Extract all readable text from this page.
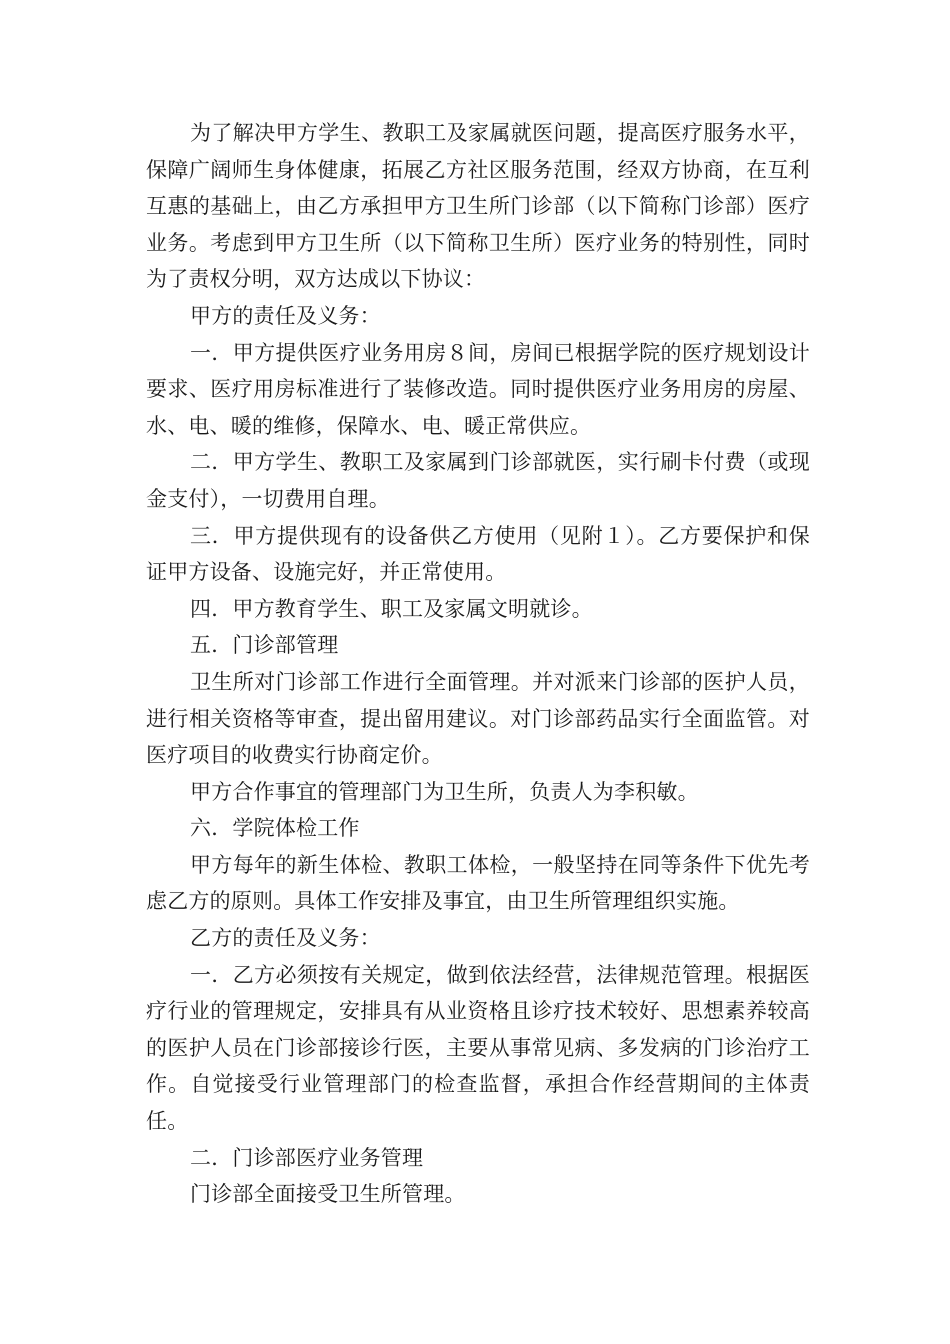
为了解决甲方学生、教职工及家属就医问题，提高医疗服务水平，保障广阔师生身体健康，拓展乙方社区服务范围，经双方协商，在互利互惠的基础上，由乙方承担甲方卫生所门诊部（以下简称门诊部）医疗业务。考虑到甲方卫生所（以下简称卫生所）医疗业务的特别性，同时为了责权分明，双方达成以下协议：

甲方的责任及义务：

一．甲方提供医疗业务用房８间，房间已根据学院的医疗规划设计要求、医疗用房标准进行了装修改造。同时提供医疗业务用房的房屋、水、电、暖的维修，保障水、电、暖正常供应。

二．甲方学生、教职工及家属到门诊部就医，实行刷卡付费（或现金支付），一切费用自理。

三．甲方提供现有的设备供乙方使用（见附１）。乙方要保护和保证甲方设备、设施完好，并正常使用。

四．甲方教育学生、职工及家属文明就诊。

五．门诊部管理

卫生所对门诊部工作进行全面管理。并对派来门诊部的医护人员，进行相关资格等审查，提出留用建议。对门诊部药品实行全面监管。对医疗项目的收费实行协商定价。

甲方合作事宜的管理部门为卫生所，负责人为李积敏。

六．学院体检工作

甲方每年的新生体检、教职工体检，一般坚持在同等条件下优先考虑乙方的原则。具体工作安排及事宜，由卫生所管理组织实施。

乙方的责任及义务：

一．乙方必须按有关规定，做到依法经营，法律规范管理。根据医疗行业的管理规定，安排具有从业资格且诊疗技术较好、思想素养较高的医护人员在门诊部接诊行医，主要从事常见病、多发病的门诊治疗工作。自觉接受行业管理部门的检查监督，承担合作经营期间的主体责任。

二．门诊部医疗业务管理

门诊部全面接受卫生所管理。
